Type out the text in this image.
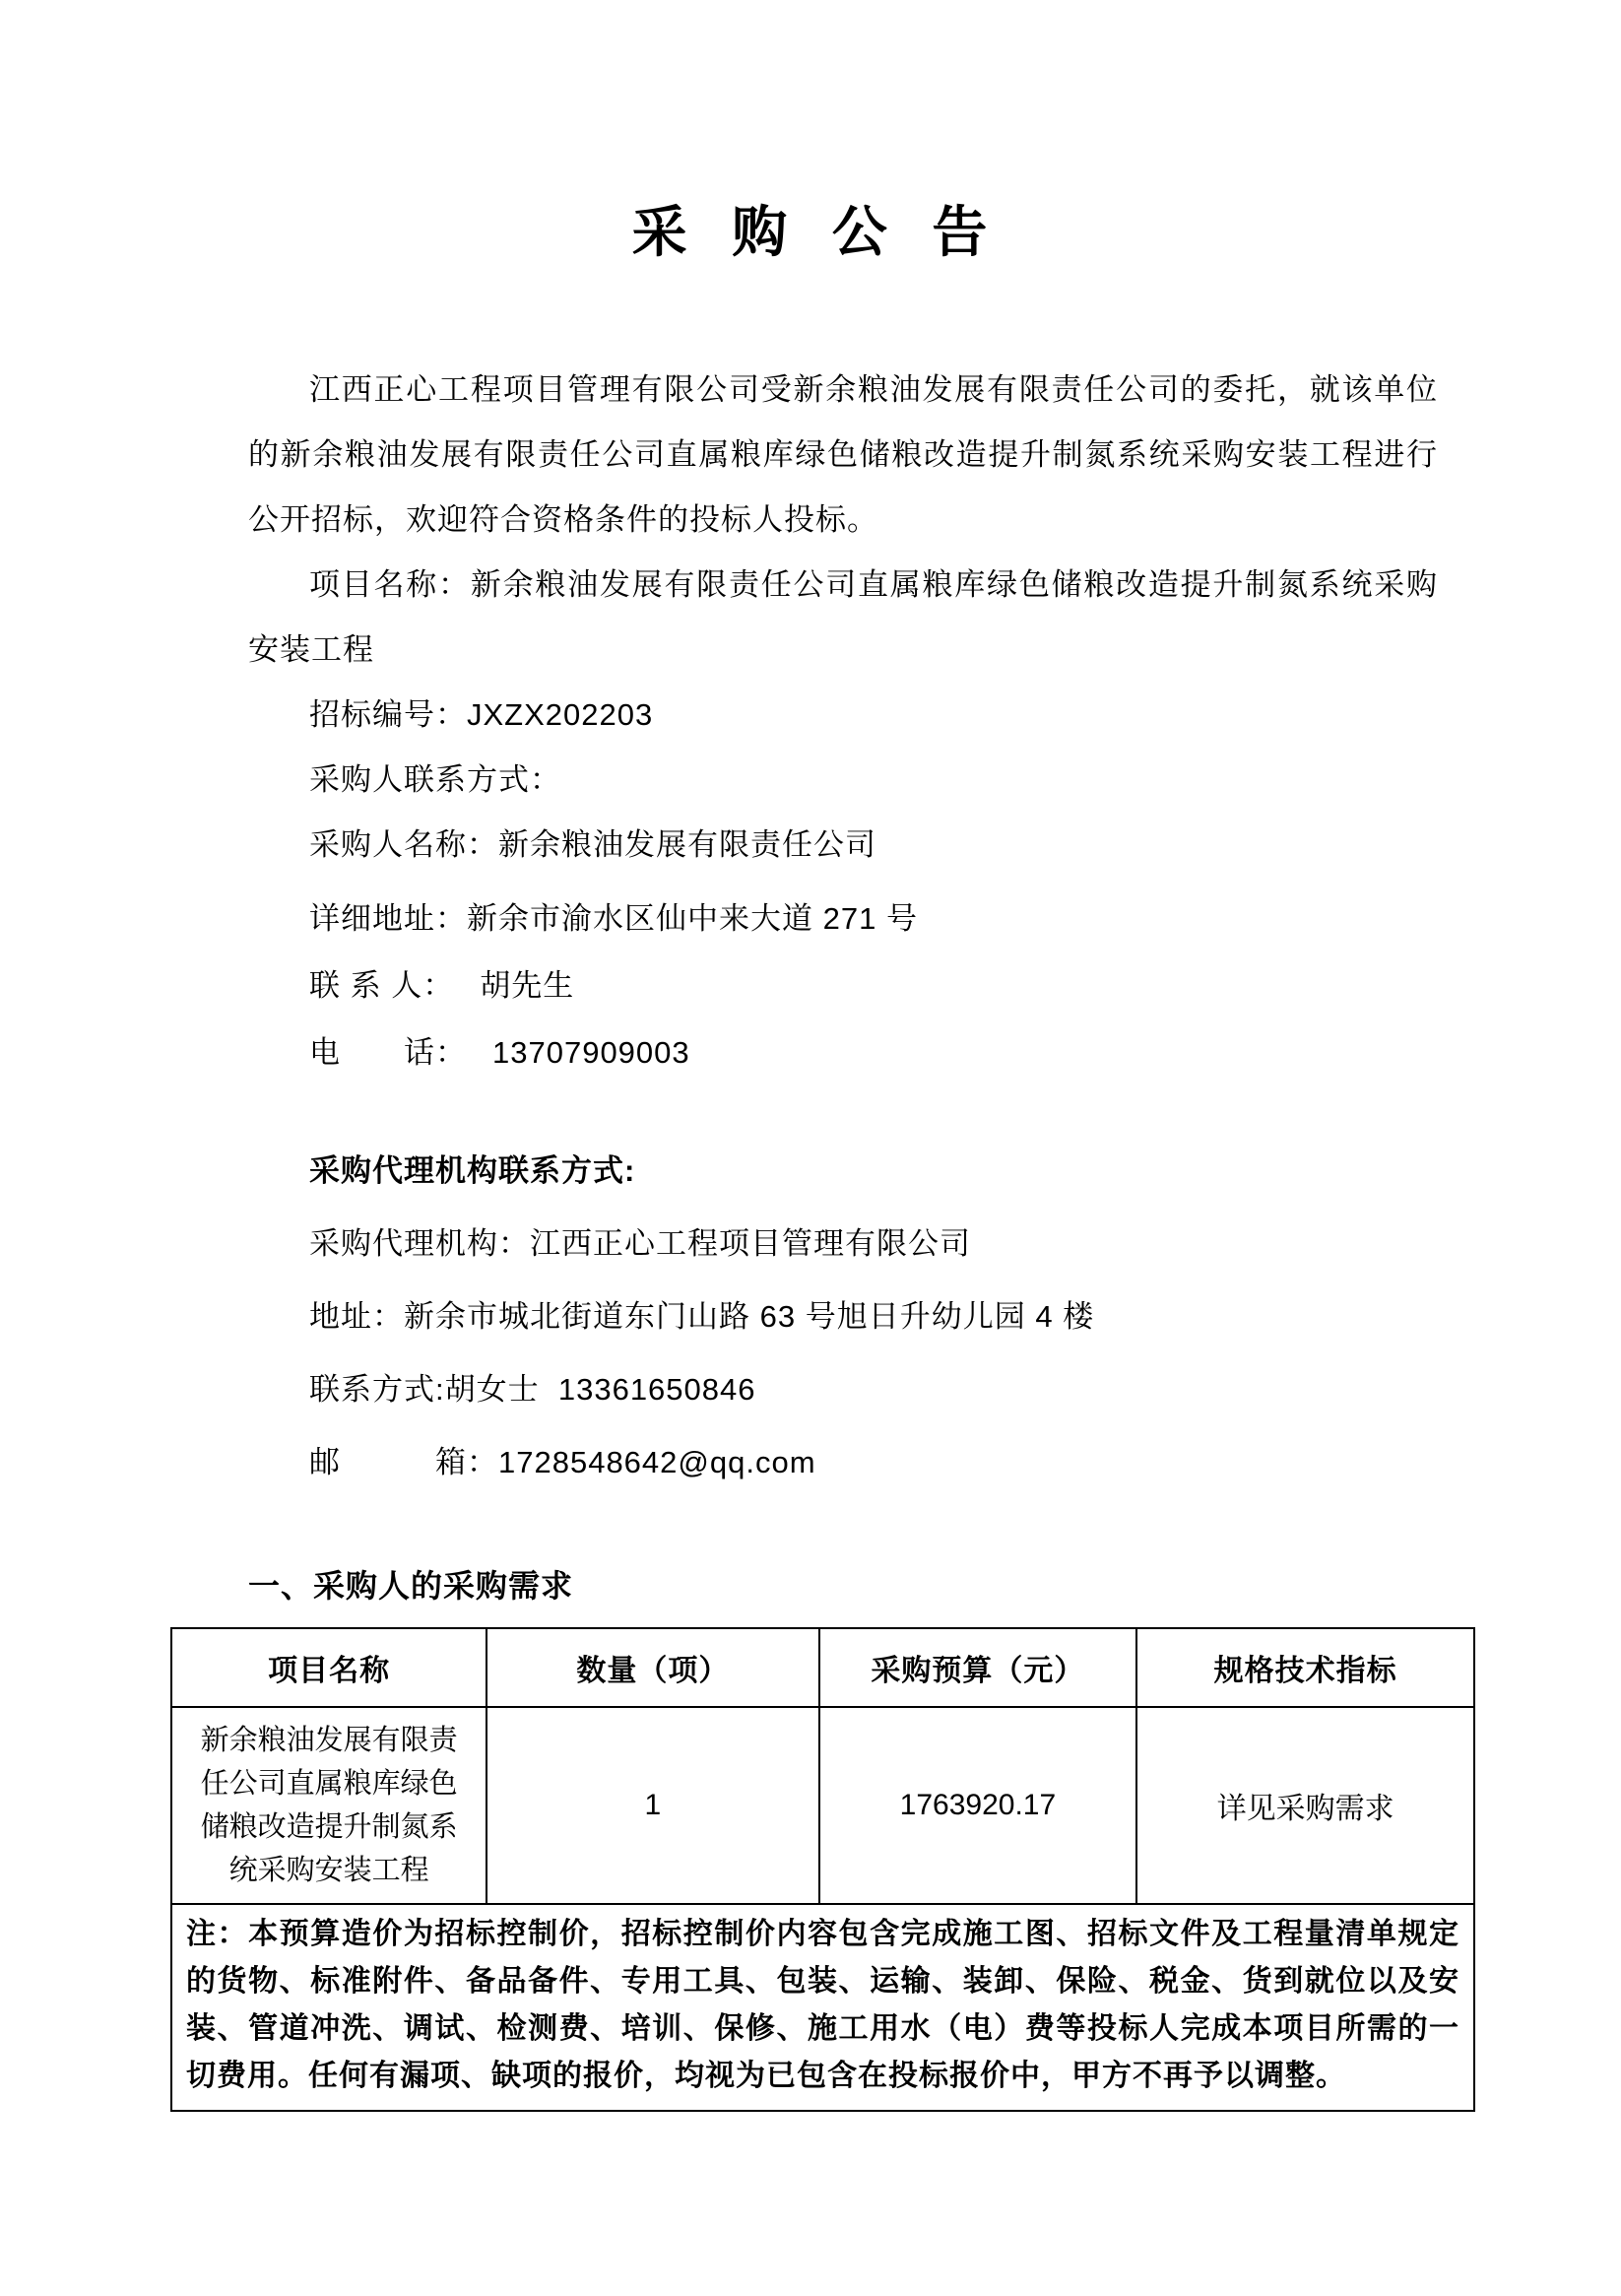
采 购 公 告

江西正心工程项目管理有限公司受新余粮油发展有限责任公司的委托，就该单位的新余粮油发展有限责任公司直属粮库绿色储粮改造提升制氮系统采购安装工程进行公开招标，欢迎符合资格条件的投标人投标。

项目名称：新余粮油发展有限责任公司直属粮库绿色储粮改造提升制氮系统采购安装工程

招标编号：JXZX202203

采购人联系方式：

采购人名称：新余粮油发展有限责任公司

详细地址：新余市渝水区仙中来大道 271 号

联 系 人： 胡先生

电　　话： 13707909003

采购代理机构联系方式:

采购代理机构：江西正心工程项目管理有限公司

地址：新余市城北街道东门山路 63 号旭日升幼儿园 4 楼

联系方式:胡女士  13361650846

邮　　　箱：1728548642@qq.com

一、采购人的采购需求
项目名称	数量（项）	采购预算（元）	规格技术指标
新余粮油发展有限责任公司直属粮库绿色储粮改造提升制氮系统采购安装工程	1	1763920.17	详见采购需求
注：本预算造价为招标控制价，招标控制价内容包含完成施工图、招标文件及工程量清单规定的货物、标准附件、备品备件、专用工具、包装、运输、装卸、保险、税金、货到就位以及安装、管道冲洗、调试、检测费、培训、保修、施工用水（电）费等投标人完成本项目所需的一切费用。任何有漏项、缺项的报价，均视为已包含在投标报价中，甲方不再予以调整。			
